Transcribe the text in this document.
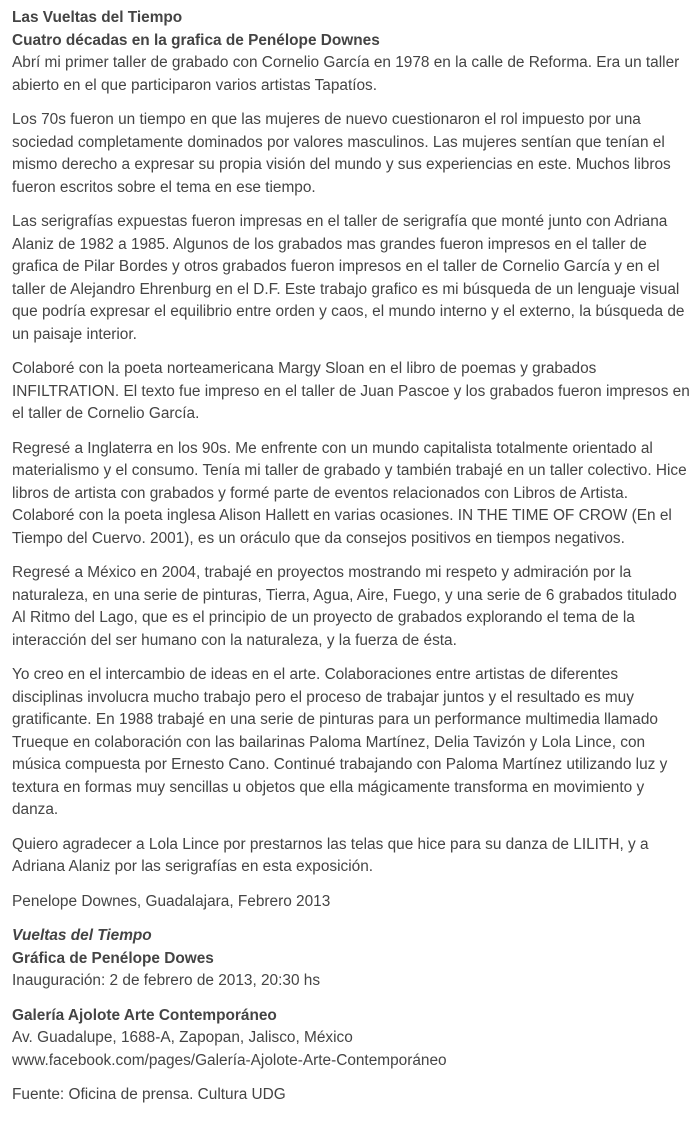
Las Vueltas del Tiempo
Cuatro décadas en la grafica de Penélope Downes
Abrí mi primer taller de grabado con Cornelio García en 1978 en la calle de Reforma. Era un taller abierto en el que participaron varios artistas Tapatíos.

Los 70s fueron un tiempo en que las mujeres de nuevo cuestionaron el rol impuesto por una sociedad completamente dominados por valores masculinos. Las mujeres sentían que tenían el mismo derecho a expresar su propia visión del mundo y sus experiencias en este. Muchos libros fueron escritos sobre el tema en ese tiempo.

Las serigrafías expuestas fueron impresas en el taller de serigrafía que monté junto con Adriana Alaniz de 1982 a 1985. Algunos de los grabados mas grandes fueron impresos en el taller de grafica de Pilar Bordes y otros grabados fueron impresos en el taller de Cornelio García y en el taller de Alejandro Ehrenburg en el D.F. Este trabajo grafico es mi búsqueda de un lenguaje visual que podría expresar el equilibrio entre orden y caos, el mundo interno y el externo, la búsqueda de un paisaje interior.

Colaboré con la poeta norteamericana Margy Sloan en el libro de poemas y grabados INFILTRATION. El texto fue impreso en el taller de Juan Pascoe y los grabados fueron impresos en el taller de Cornelio García.

Regresé a Inglaterra en los 90s. Me enfrente con un mundo capitalista totalmente orientado al materialismo y el consumo. Tenía mi taller de grabado y también trabajé en un taller colectivo. Hice libros de artista con grabados y formé parte de eventos relacionados con Libros de Artista. Colaboré con la poeta inglesa Alison Hallett en varias ocasiones. IN THE TIME OF CROW (En el Tiempo del Cuervo. 2001), es un oráculo que da consejos positivos en tiempos negativos.

Regresé a México en 2004, trabajé en proyectos mostrando mi respeto y admiración por la naturaleza, en una serie de pinturas, Tierra, Agua, Aire, Fuego, y una serie de 6 grabados titulado Al Ritmo del Lago, que es el principio de un proyecto de grabados explorando el tema de la interacción del ser humano con la naturaleza, y la fuerza de ésta.

Yo creo en el intercambio de ideas en el arte. Colaboraciones entre artistas de diferentes disciplinas involucra mucho trabajo pero el proceso de trabajar juntos y el resultado es muy gratificante. En 1988 trabajé en una serie de pinturas para un performance multimedia llamado Trueque en colaboración con las bailarinas Paloma Martínez, Delia Tavizón y Lola Lince, con música compuesta por Ernesto Cano. Continué trabajando con Paloma Martínez utilizando luz y textura en formas muy sencillas u objetos que ella mágicamente transforma en movimiento y danza.

Quiero agradecer a Lola Lince por prestarnos las telas que hice para su danza de LILITH, y a Adriana Alaniz por las serigrafías en esta exposición.

Penelope Downes, Guadalajara, Febrero 2013

Vueltas del Tiempo
Gráfica de Penélope Dowes
Inauguración: 2 de febrero de 2013, 20:30 hs

Galería Ajolote Arte Contemporáneo
Av. Guadalupe, 1688-A, Zapopan, Jalisco, México
www.facebook.com/pages/Galería-Ajolote-Arte-Contemporáneo

Fuente: Oficina de prensa. Cultura UDG
